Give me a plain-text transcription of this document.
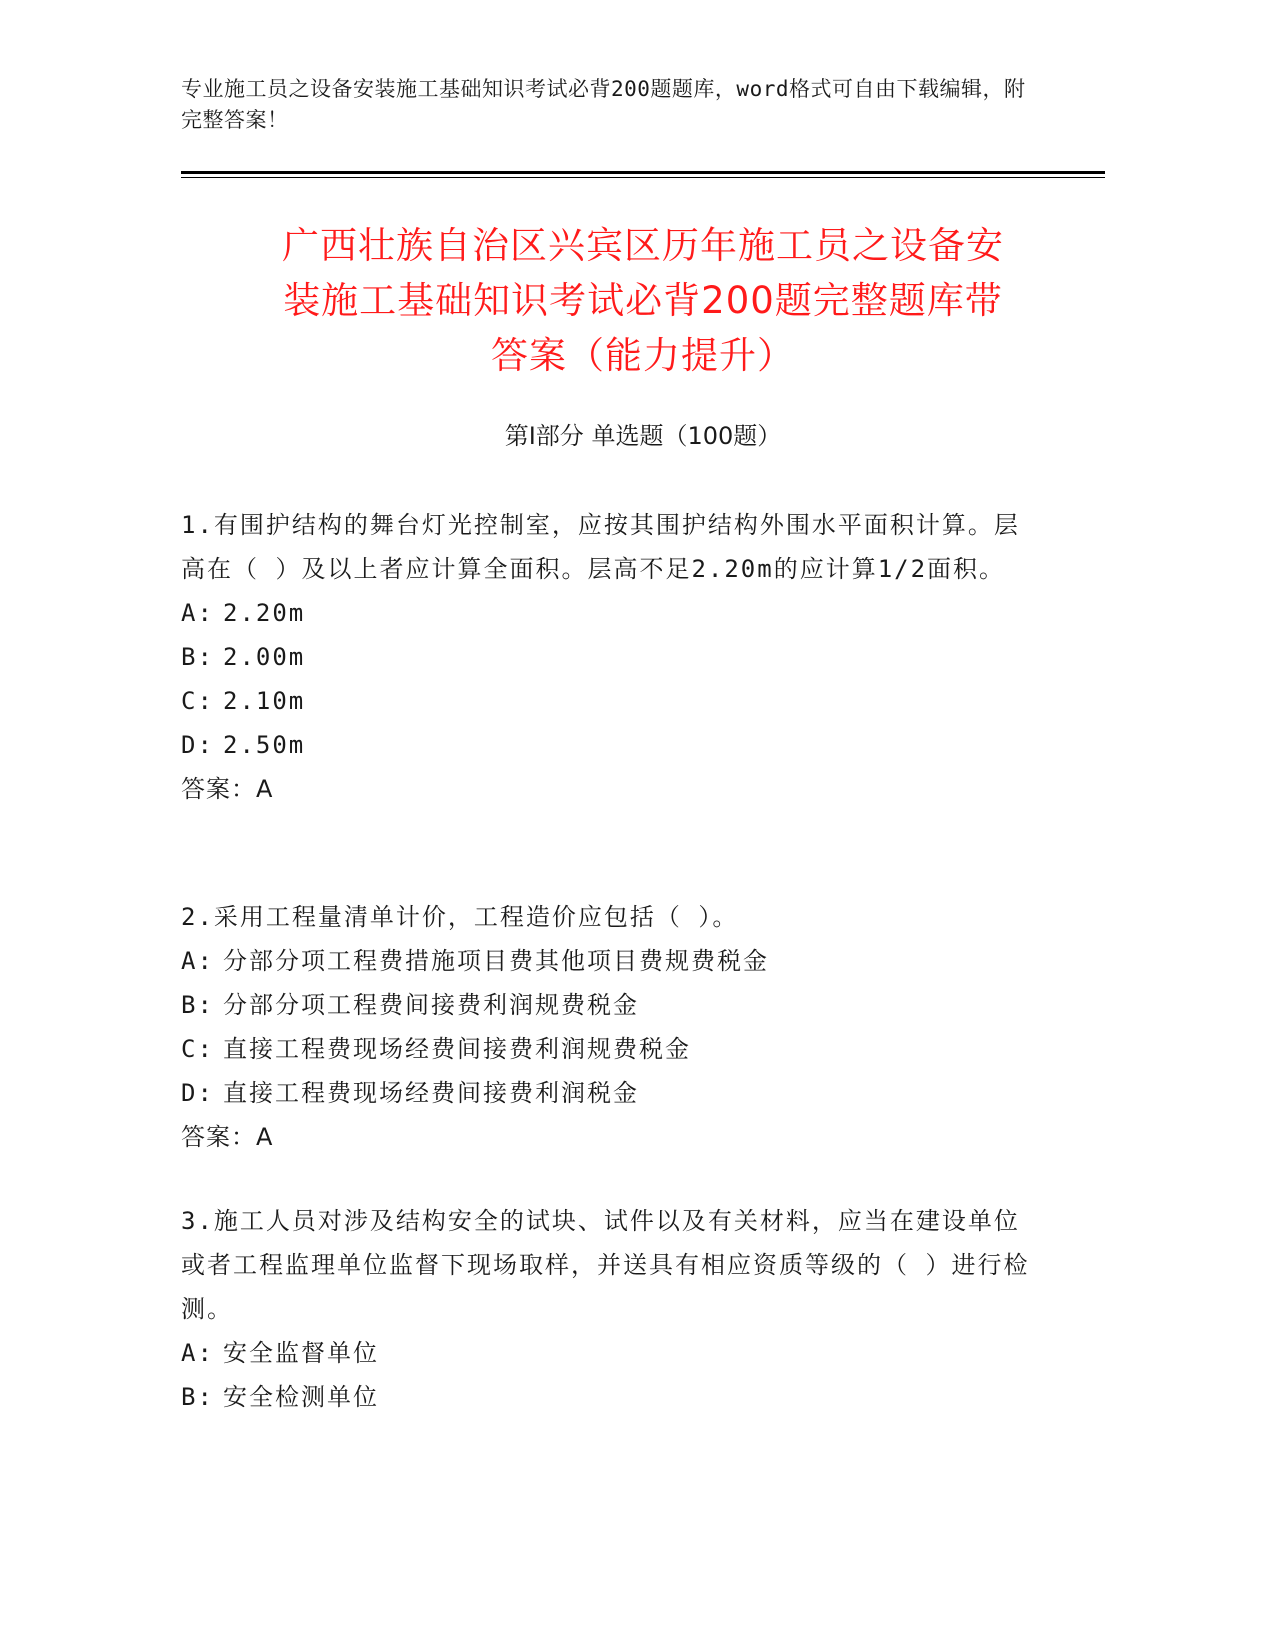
专业施工员之设备安装施工基础知识考试必背200题题库，word格式可自由下载编辑，附完整答案！
广西壮族自治区兴宾区历年施工员之设备安
装施工基础知识考试必背200题完整题库带
答案（能力提升）
第I部分 单选题（100题）
1.有围护结构的舞台灯光控制室，应按其围护结构外围水平面积计算。层高在（ ）及以上者应计算全面积。层高不足2.20m的应计算1/2面积。
A: 2.20m
B: 2.00m
C: 2.10m
D: 2.50m
答案：A
2.采用工程量清单计价，工程造价应包括（ ）。
A: 分部分项工程费措施项目费其他项目费规费税金
B: 分部分项工程费间接费利润规费税金
C: 直接工程费现场经费间接费利润规费税金
D: 直接工程费现场经费间接费利润税金
答案：A
3.施工人员对涉及结构安全的试块、试件以及有关材料，应当在建设单位或者工程监理单位监督下现场取样，并送具有相应资质等级的（ ）进行检测。
A: 安全监督单位
B: 安全检测单位
